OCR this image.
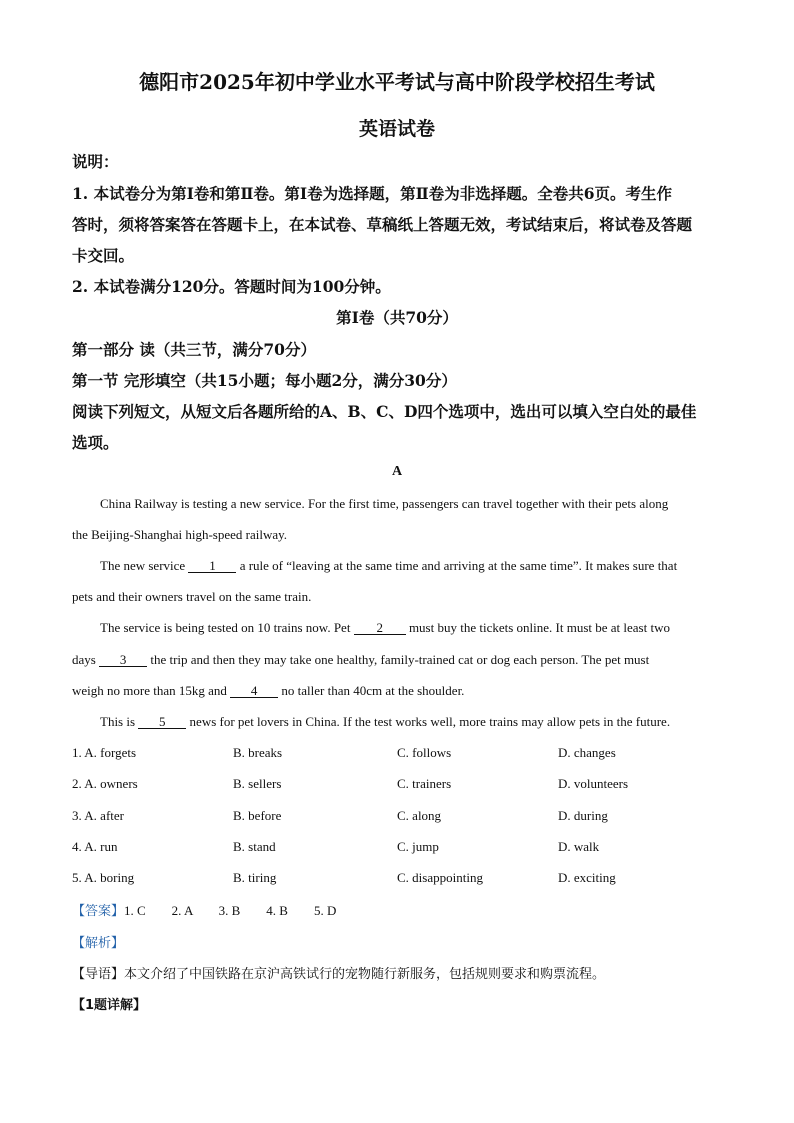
德阳市2025年初中学业水平考试与高中阶段学校招生考试
英语试卷
说明：
1. 本试卷分为第Ⅰ卷和第Ⅱ卷。第Ⅰ卷为选择题，第Ⅱ卷为非选择题。全卷共6页。考生作
答时，须将答案答在答题卡上，在本试卷、草稿纸上答题无效，考试结束后，将试卷及答题
卡交回。
2. 本试卷满分120分。答题时间为100分钟。
第Ⅰ卷（共70分）
第一部分 读（共三节，满分70分）
第一节 完形填空（共15小题；每小题2分，满分30分）
阅读下列短文，从短文后各题所给的A、B、C、D四个选项中，选出可以填入空白处的最佳
选项。
A
China Railway is testing a new service. For the first time, passengers can travel together with their pets along
the Beijing-Shanghai high-speed railway.
The new service 1 a rule of “leaving at the same time and arriving at the same time”. It makes sure that
pets and their owners travel on the same train.
The service is being tested on 10 trains now. Pet 2 must buy the tickets online. It must be at least two
days 3 the trip and then they may take one healthy, family-trained cat or dog each person. The pet must
weigh no more than 15kg and 4 no taller than 40cm at the shoulder.
This is 5 news for pet lovers in China. If the test works well, more trains may allow pets in the future.
1. A. forgets	B. breaks	C. follows	D. changes
2. A. owners	B. sellers	C. trainers	D. volunteers
3. A. after	B. before	C. along	D. during
4. A. run	B. stand	C. jump	D. walk
5. A. boring	B. tiring	C. disappointing	D. exciting
【答案】1. C        2. A        3. B        4. B        5. D
【解析】
【导语】本文介绍了中国铁路在京沪高铁试行的宠物随行新服务，包括规则要求和购票流程。
【1题详解】
